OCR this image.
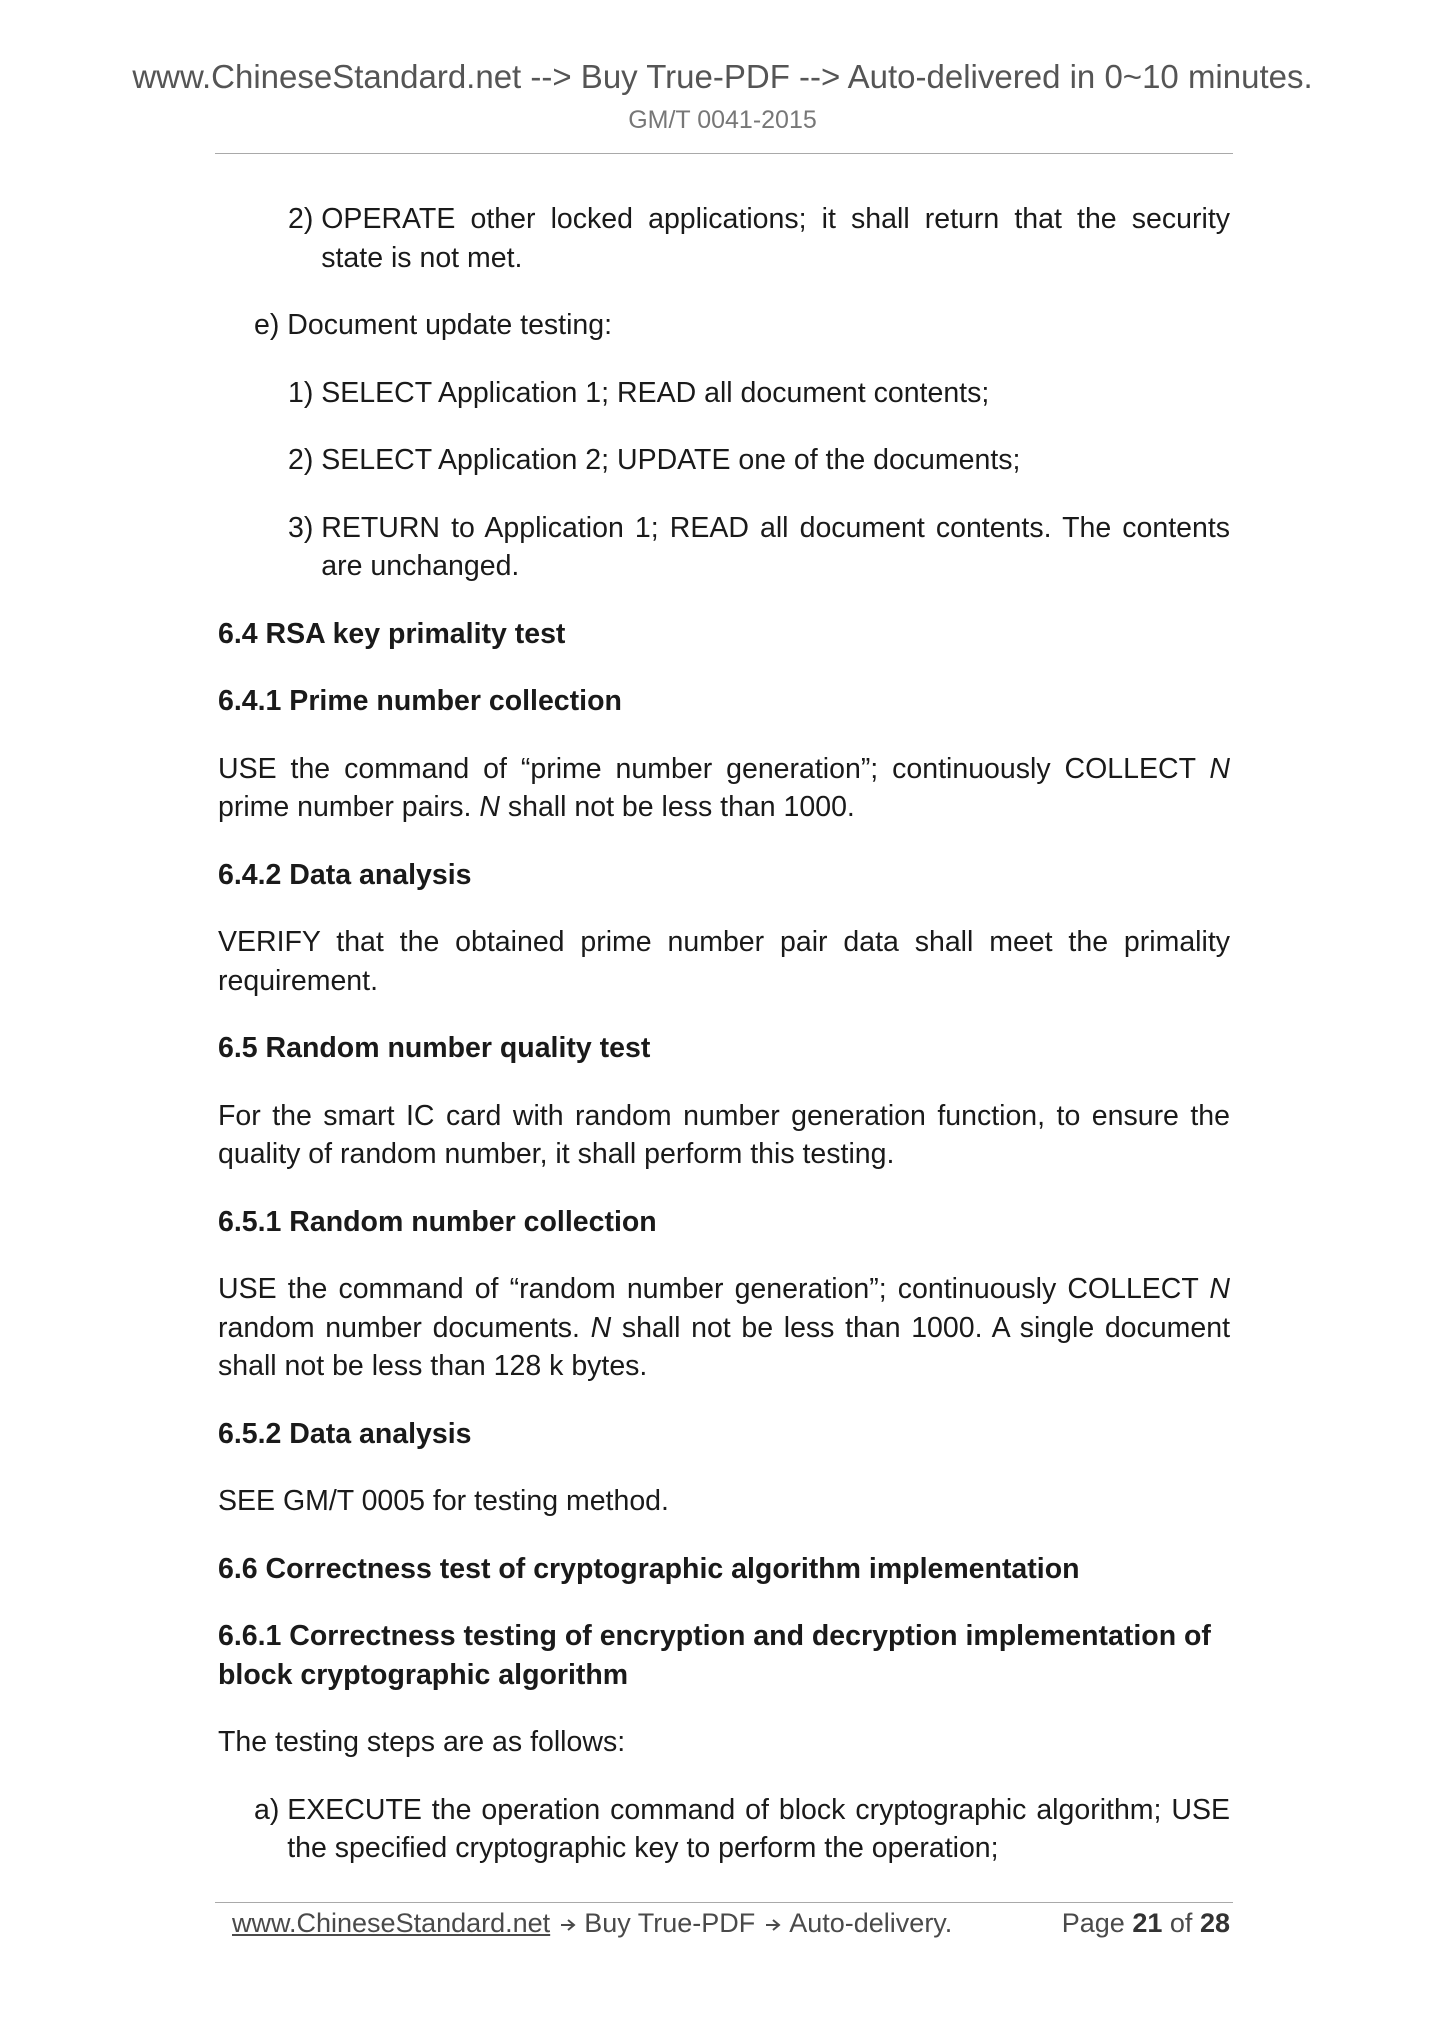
www.ChineseStandard.net --> Buy True-PDF --> Auto-delivered in 0~10 minutes.
GM/T 0041-2015
2)
OPERATE other locked applications; it shall return that the security state is not met.
e)
Document update testing:
1)
SELECT Application 1; READ all document contents;
2)
SELECT Application 2; UPDATE one of the documents;
3)
RETURN to Application 1; READ all document contents. The contents are unchanged.

6.4 RSA key primality test

6.4.1 Prime number collection

USE the command of “prime number generation”; continuously COLLECT N prime number pairs. N shall not be less than 1000.

6.4.2 Data analysis

VERIFY that the obtained prime number pair data shall meet the primality requirement.

6.5 Random number quality test

For the smart IC card with random number generation function, to ensure the quality of random number, it shall perform this testing.

6.5.1 Random number collection

USE the command of “random number generation”; continuously COLLECT N random number documents. N shall not be less than 1000. A single document shall not be less than 128 k bytes.

6.5.2 Data analysis

SEE GM/T 0005 for testing method.

6.6 Correctness test of cryptographic algorithm implementation

6.6.1 Correctness testing of encryption and decryption implementation of block cryptographic algorithm

The testing steps are as follows:

a)
EXECUTE the operation command of block cryptographic algorithm; USE the specified cryptographic key to perform the operation;
www.ChineseStandard.net Buy True-PDF Auto-delivery.	Page 21 of 28
